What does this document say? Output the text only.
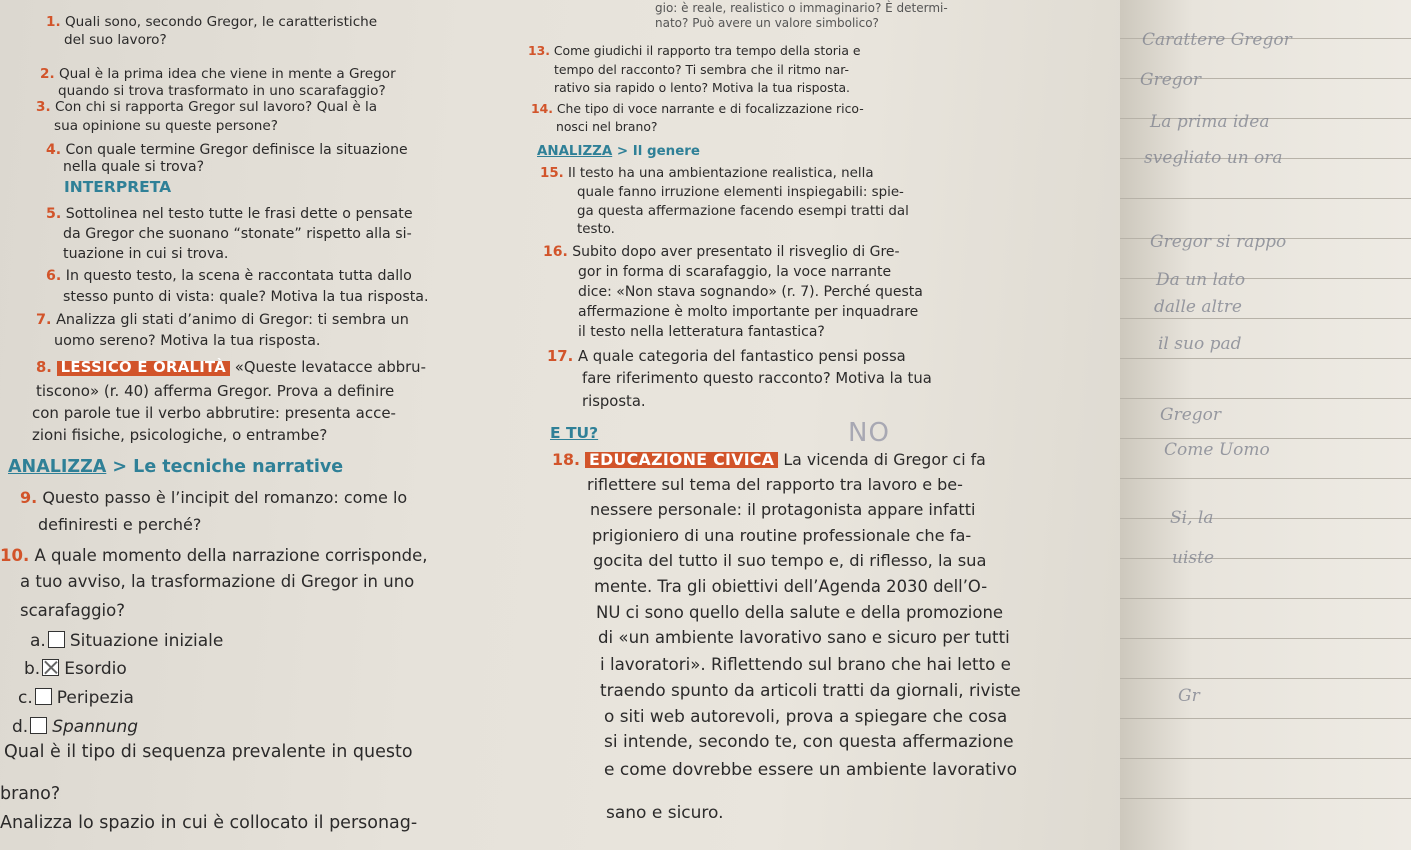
1. Quali sono, secondo Gregor, le caratteristiche
del suo lavoro?
2. Qual è la prima idea che viene in mente a Gregor
quando si trova trasformato in uno scarafaggio?
3. Con chi si rapporta Gregor sul lavoro? Qual è la
sua opinione su queste persone?
4. Con quale termine Gregor definisce la situazione
nella quale si trova?
INTERPRETA
5. Sottolinea nel testo tutte le frasi dette o pensate
da Gregor che suonano “stonate” rispetto alla si-
tuazione in cui si trova.
6. In questo testo, la scena è raccontata tutta dallo
stesso punto di vista: quale? Motiva la tua risposta.
7. Analizza gli stati d’animo di Gregor: ti sembra un
uomo sereno? Motiva la tua risposta.
8. LESSICO E ORALITÀ «Queste levatacce abbru-
tiscono» (r. 40) afferma Gregor. Prova a definire
con parole tue il verbo abbrutire: presenta acce-
zioni fisiche, psicologiche, o entrambe?
ANALIZZA > Le tecniche narrative
9. Questo passo è l’incipit del romanzo: come lo
definiresti e perché?
10. A quale momento della narrazione corrisponde,
a tuo avviso, la trasformazione di Gregor in uno
scarafaggio?
a. Situazione iniziale
b. Esordio
c. Peripezia
d. Spannung
Qual è il tipo di sequenza prevalente in questo
brano?
Analizza lo spazio in cui è collocato il personag-
gio: è reale, realistico o immaginario? È determi-
nato? Può avere un valore simbolico?
13. Come giudichi il rapporto tra tempo della storia e
tempo del racconto? Ti sembra che il ritmo nar-
rativo sia rapido o lento? Motiva la tua risposta.
14. Che tipo di voce narrante e di focalizzazione rico-
nosci nel brano?
ANALIZZA > Il genere
15. Il testo ha una ambientazione realistica, nella
quale fanno irruzione elementi inspiegabili: spie-
ga questa affermazione facendo esempi tratti dal
testo.
16. Subito dopo aver presentato il risveglio di Gre-
gor in forma di scarafaggio, la voce narrante
dice: «Non stava sognando» (r. 7). Perché questa
affermazione è molto importante per inquadrare
il testo nella letteratura fantastica?
17. A quale categoria del fantastico pensi possa
fare riferimento questo racconto? Motiva la tua
risposta.
E TU?	NO
18. EDUCAZIONE CIVICA La vicenda di Gregor ci fa
riflettere sul tema del rapporto tra lavoro e be-
nessere personale: il protagonista appare infatti
prigioniero di una routine professionale che fa-
gocita del tutto il suo tempo e, di riflesso, la sua
mente. Tra gli obiettivi dell’Agenda 2030 dell’O-
NU ci sono quello della salute e della promozione
di «un ambiente lavorativo sano e sicuro per tutti
i lavoratori». Riflettendo sul brano che hai letto e
traendo spunto da articoli tratti da giornali, riviste
o siti web autorevoli, prova a spiegare che cosa
si intende, secondo te, con questa affermazione
e come dovrebbe essere un ambiente lavorativo
sano e sicuro.
Carattere Gregor
Gregor
La prima idea
svegliato un ora
Gregor si rappo
Da un lato
dalle altre
il suo pad
Gregor
Come Uomo
Si, la
uiste
Gr
